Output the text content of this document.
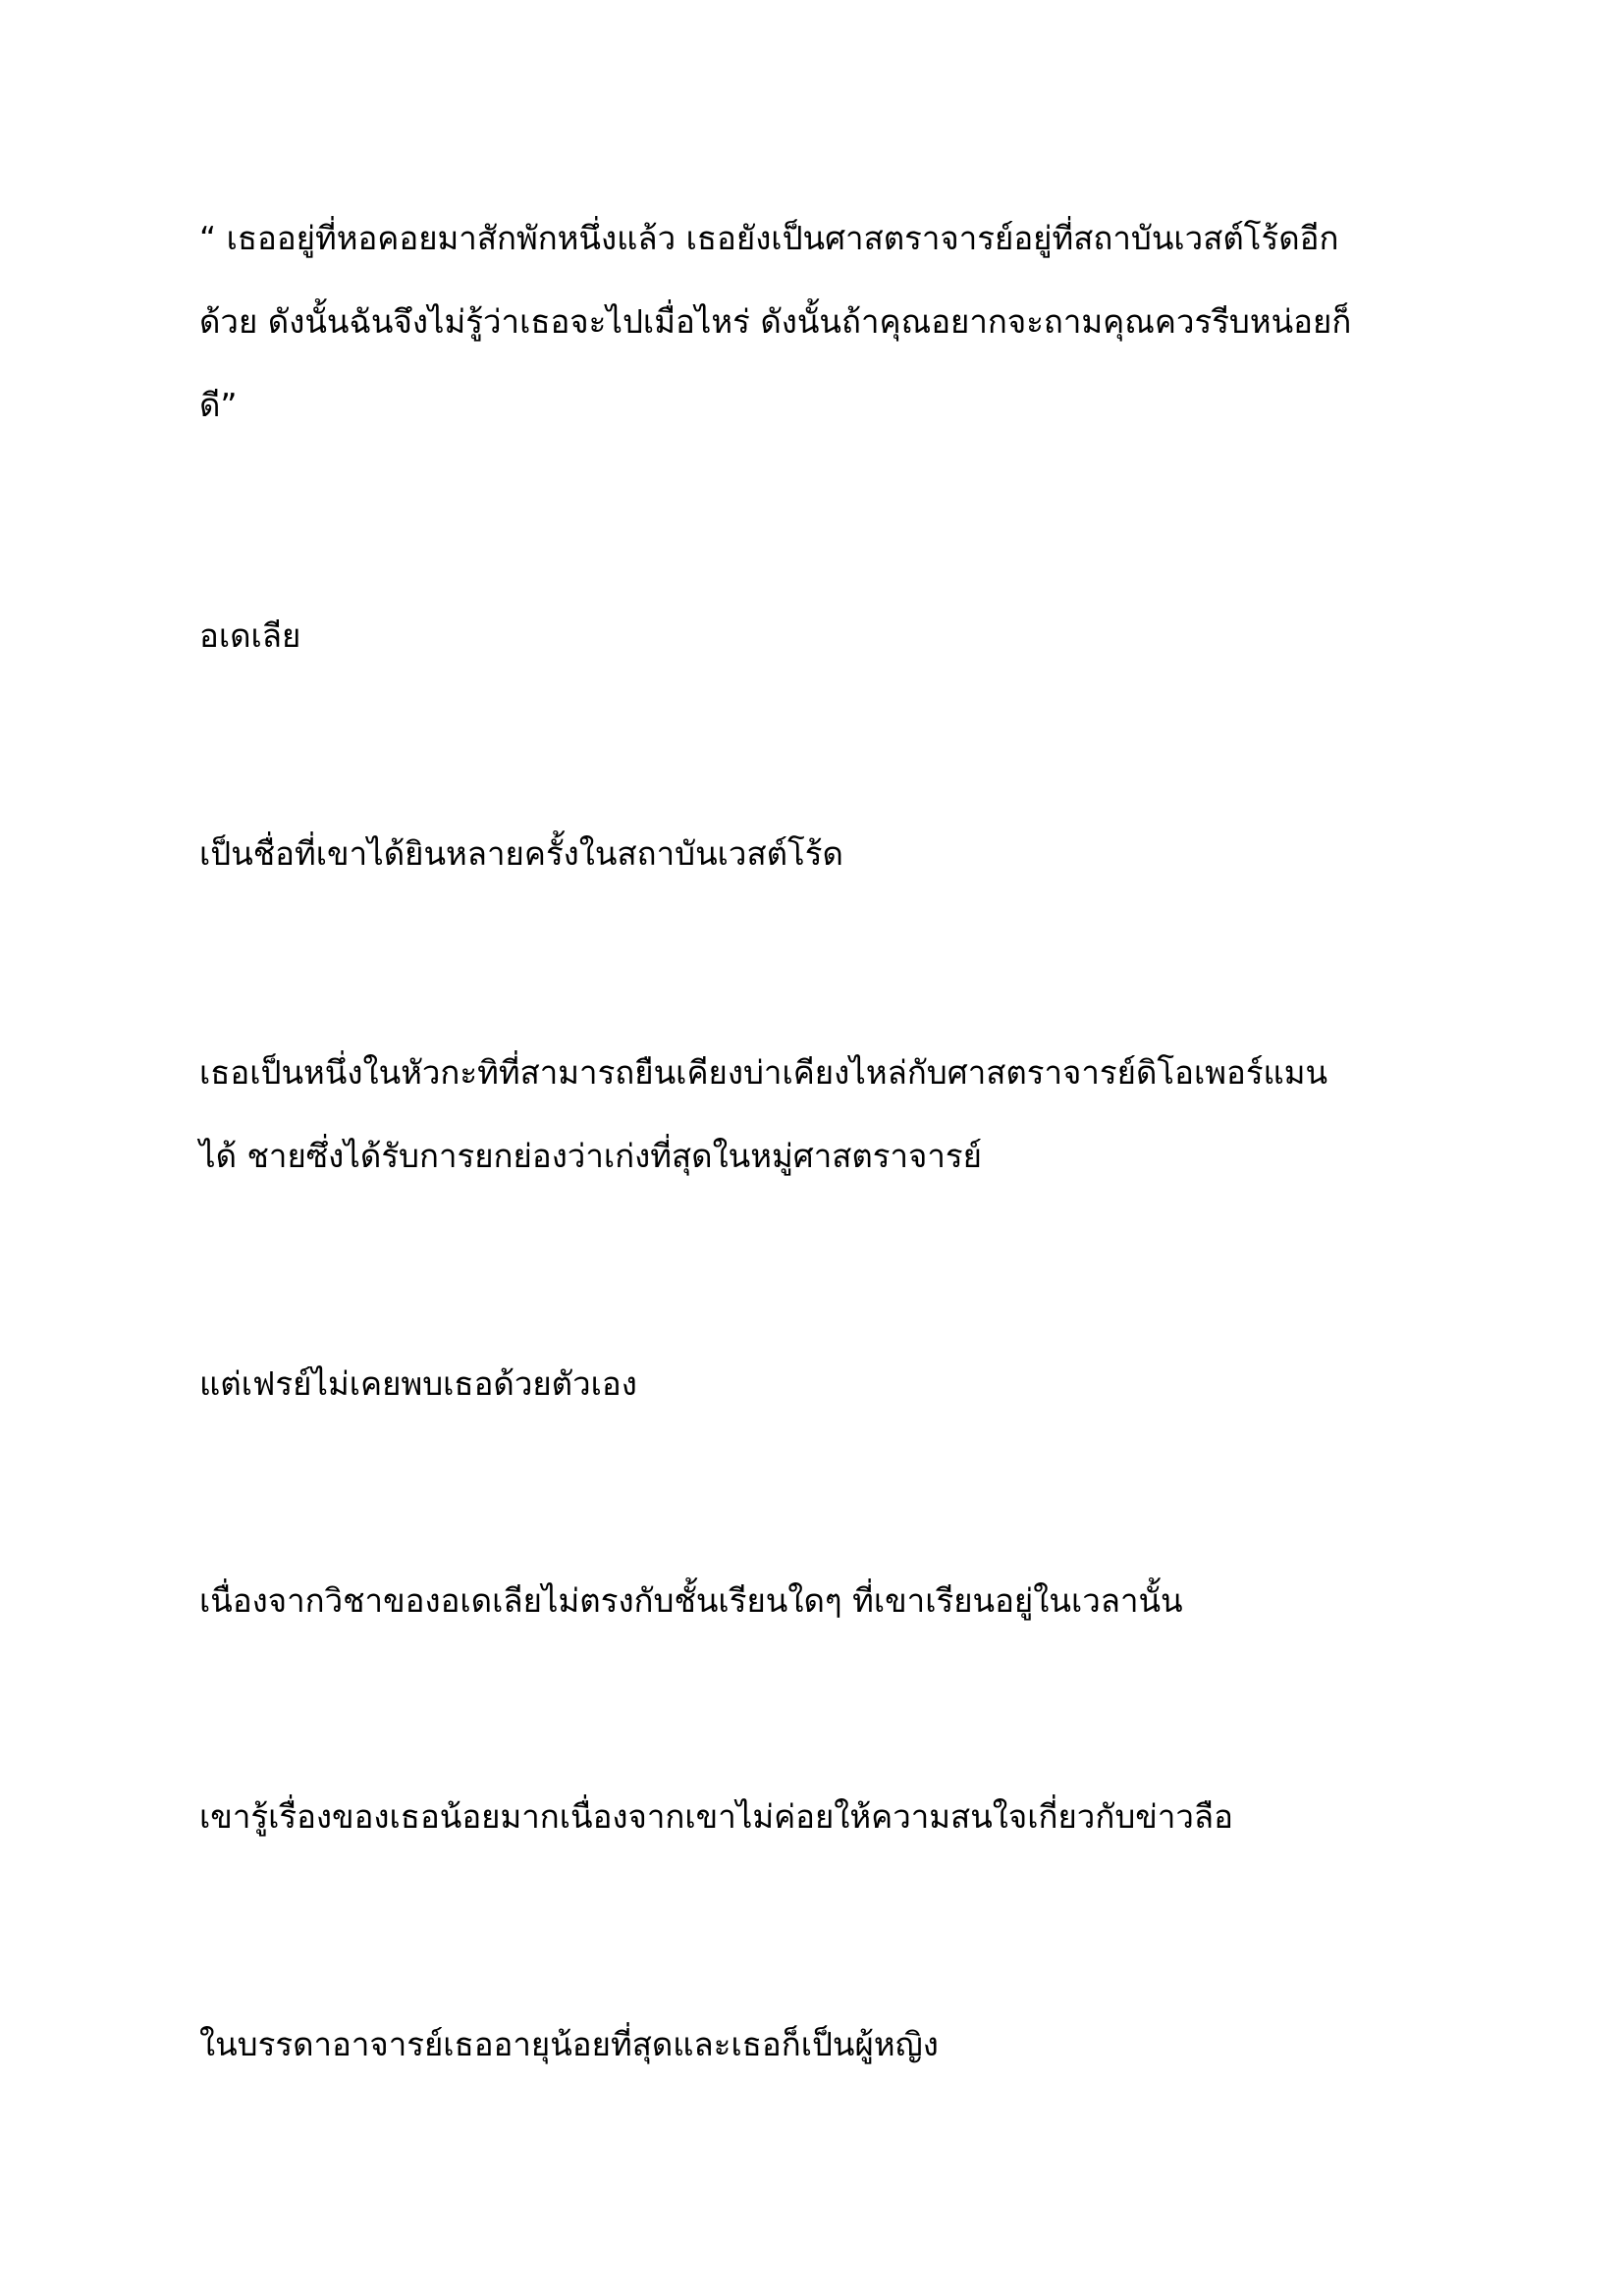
“ เธออยู่ที่หอคอยมาสักพักหนึ่งแล้ว เธอยังเป็นศาสตราจารย์อยู่ที่สถาบันเวสต์โร้ดอีก
ด้วย ดังนั้นฉันจึงไม่รู้ว่าเธอจะไปเมื่อไหร่ ดังนั้นถ้าคุณอยากจะถามคุณควรรีบหน่อยก็
ดี”

อเดเลีย

เป็นชื่อที่เขาได้ยินหลายครั้งในสถาบันเวสต์โร้ด

เธอเป็นหนึ่งในหัวกะทิที่สามารถยืนเคียงบ่าเคียงไหล่กับศาสตราจารย์ดิโอเพอร์แมน
ได้ ชายซึ่งได้รับการยกย่องว่าเก่งที่สุดในหมู่ศาสตราจารย์

แต่เฟรย์ไม่เคยพบเธอด้วยตัวเอง

เนื่องจากวิชาของอเดเลียไม่ตรงกับชั้นเรียนใดๆ ที่เขาเรียนอยู่ในเวลานั้น

เขารู้เรื่องของเธอน้อยมากเนื่องจากเขาไม่ค่อยให้ความสนใจเกี่ยวกับข่าวลือ

ในบรรดาอาจารย์เธออายุน้อยที่สุดและเธอก็เป็นผู้หญิง
